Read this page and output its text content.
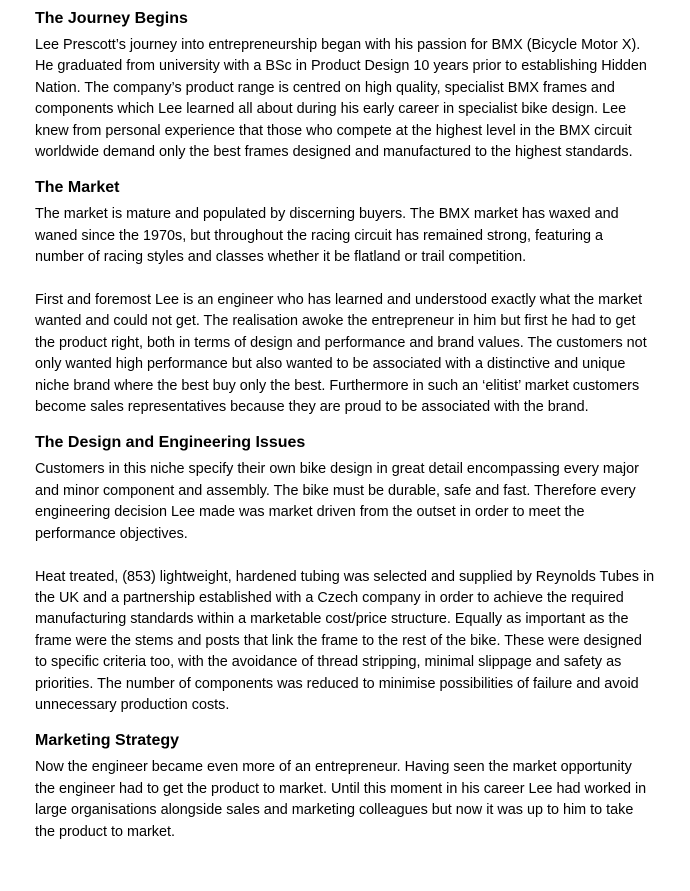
The Journey Begins

Lee Prescott’s journey into entrepreneurship began with his passion for BMX (Bicycle Motor X). He graduated from university with a BSc in Product Design 10 years prior to establishing Hidden Nation. The company’s product range is centred on high quality, specialist BMX frames and components which Lee learned all about during his early career in specialist bike design. Lee knew from personal experience that those who compete at the highest level in the BMX circuit worldwide demand only the best frames designed and manufactured to the highest standards.

The Market

The market is mature and populated by discerning buyers. The BMX market has waxed and waned since the 1970s, but throughout the racing circuit has remained strong, featuring a number of racing styles and classes whether it be flatland or trail competition.

First and foremost Lee is an engineer who has learned and understood exactly what the market wanted and could not get. The realisation awoke the entrepreneur in him but first he had to get the product right, both in terms of design and performance and brand values. The customers not only wanted high performance but also wanted to be associated with a distinctive and unique niche brand where the best buy only the best. Furthermore in such an ‘elitist’ market customers become sales representatives because they are proud to be associated with the brand.

The Design and Engineering Issues

Customers in this niche specify their own bike design in great detail encompassing every major and minor component and assembly. The bike must be durable, safe and fast. Therefore every engineering decision Lee made was market driven from the outset in order to meet the performance objectives.

Heat treated, (853) lightweight, hardened tubing was selected and supplied by Reynolds Tubes in the UK and a partnership established with a Czech company in order to achieve the required manufacturing standards within a marketable cost/price structure. Equally as important as the frame were the stems and posts that link the frame to the rest of the bike. These were designed to specific criteria too, with the avoidance of thread stripping, minimal slippage and safety as priorities. The number of components was reduced to minimise possibilities of failure and avoid unnecessary production costs.

Marketing Strategy

Now the engineer became even more of an entrepreneur. Having seen the market opportunity the engineer had to get the product to market. Until this moment in his career Lee had worked in large organisations alongside sales and marketing colleagues but now it was up to him to take the product to market.
